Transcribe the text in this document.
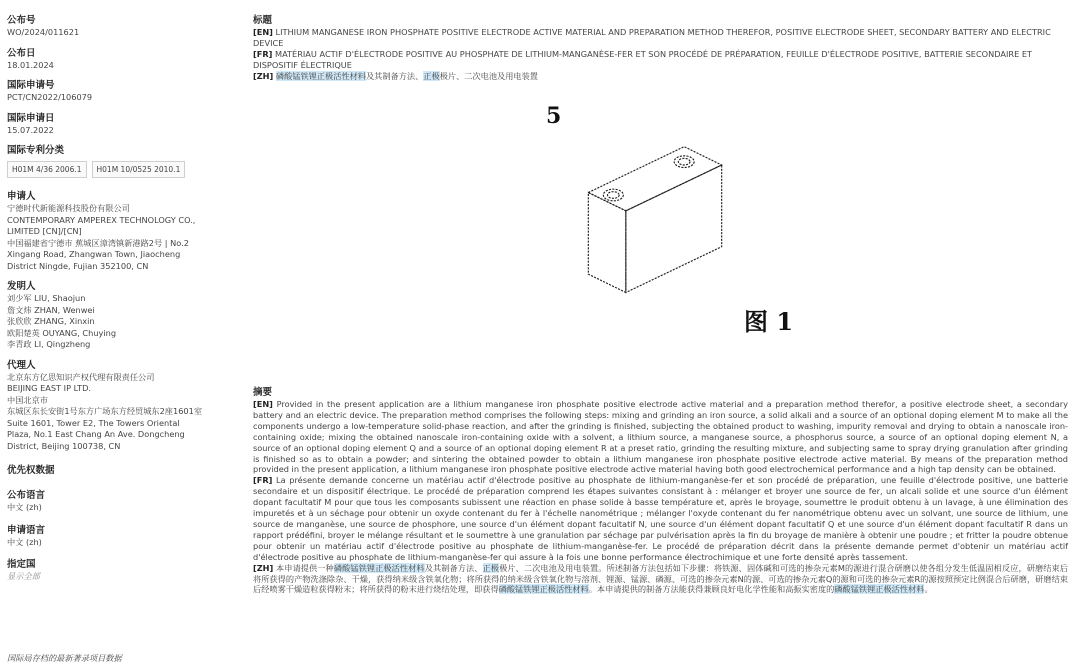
公布号

WO/2024/011621

公布日

18.01.2024

国际申请号

PCT/CN2022/106079

国际申请日

15.07.2022

国际专利分类

H01M 4/36 2006.1	H01M 10/0525 2010.1

申请人

宁德时代新能源科技股份有限公司

CONTEMPORARY AMPEREX TECHNOLOGY CO.,

LIMITED [CN]/[CN]

中国福建省宁德市 蕉城区漳湾镇新港路2号 | No.2

Xingang Road, Zhangwan Town, Jiaocheng

District Ningde, Fujian 352100, CN

发明人

刘少军 LIU, Shaojun

詹文炜 ZHAN, Wenwei

张欣欣 ZHANG, Xinxin

欧阳楚英 OUYANG, Chuying

李青政 LI, Qingzheng

代理人

北京东方亿思知识产权代理有限责任公司

BEIJING EAST IP LTD.

中国北京市

东城区东长安街1号东方广场东方经贸城东2座1601室

Suite 1601, Tower E2, The Towers Oriental

Plaza, No.1 East Chang An Ave. Dongcheng

District, Beijing 100738, CN

优先权数据

公布语言

中文 (zh)

申请语言

中文 (zh)

指定国

显示全部

国际局存档的最新著录项目数据
标题
[EN] LITHIUM MANGANESE IRON PHOSPHATE POSITIVE ELECTRODE ACTIVE MATERIAL AND PREPARATION METHOD THEREFOR, POSITIVE ELECTRODE SHEET, SECONDARY BATTERY AND ELECTRIC DEVICE
[FR] MATÉRIAU ACTIF D'ÉLECTRODE POSITIVE AU PHOSPHATE DE LITHIUM-MANGANÈSE-FER ET SON PROCÉDÉ DE PRÉPARATION, FEUILLE D'ÉLECTRODE POSITIVE, BATTERIE SECONDAIRE ET DISPOSITIF ÉLECTRIQUE
[ZH] 磷酸锰铁锂正极活性材料及其制备方法、正极极片、二次电池及用电装置
5
图 1
摘要

[EN] Provided in the present application are a lithium manganese iron phosphate positive electrode active material and a preparation method therefor, a positive electrode sheet, a secondary battery and an electric device. The preparation method comprises the following steps: mixing and grinding an iron source, a solid alkali and a source of an optional doping element M to make all the components undergo a low-temperature solid-phase reaction, and after the grinding is finished, subjecting the obtained product to washing, impurity removal and drying to obtain a nanoscale iron-containing oxide; mixing the obtained nanoscale iron-containing oxide with a solvent, a lithium source, a manganese source, a phosphorus source, a source of an optional doping element N, a source of an optional doping element Q and a source of an optional doping element R at a preset ratio, grinding the resulting mixture, and subjecting same to spray drying granulation after grinding is finished so as to obtain a powder; and sintering the obtained powder to obtain a lithium manganese iron phosphate positive electrode active material. By means of the preparation method provided in the present application, a lithium manganese iron phosphate positive electrode active material having both good electrochemical performance and a high tap density can be obtained.

[FR] La présente demande concerne un matériau actif d'électrode positive au phosphate de lithium-manganèse-fer et son procédé de préparation, une feuille d'électrode positive, une batterie secondaire et un dispositif électrique. Le procédé de préparation comprend les étapes suivantes consistant à : mélanger et broyer une source de fer, un alcali solide et une source d'un élément dopant facultatif M pour que tous les composants subissent une réaction en phase solide à basse température et, après le broyage, soumettre le produit obtenu à un lavage, à une élimination des impuretés et à un séchage pour obtenir un oxyde contenant du fer à l'échelle nanométrique ; mélanger l'oxyde contenant du fer nanométrique obtenu avec un solvant, une source de lithium, une source de manganèse, une source de phosphore, une source d'un élément dopant facultatif N, une source d'un élément dopant facultatif Q et une source d'un élément dopant facultatif R dans un rapport prédéfini, broyer le mélange résultant et le soumettre à une granulation par séchage par pulvérisation après la fin du broyage de manière à obtenir une poudre ; et fritter la poudre obtenue pour obtenir un matériau actif d'électrode positive au phosphate de lithium-manganèse-fer. Le procédé de préparation décrit dans la présente demande permet d'obtenir un matériau actif d'électrode positive au phosphate de lithium-manganèse-fer qui assure à la fois une bonne performance électrochimique et une forte densité après tassement.

[ZH] 本申请提供一种磷酸锰铁锂正极活性材料及其制备方法、正极极片、二次电池及用电装置。所述制备方法包括如下步骤：将铁源、固体碱和可选的掺杂元素M的源进行混合研磨以使各组分发生低温固相反应，研磨结束后将所获得的产物洗涤除杂、干燥，获得纳米级含铁氧化物；将所获得的纳米级含铁氧化物与溶剂、锂源、锰源、磷源、可选的掺杂元素N的源、可选的掺杂元素Q的源和可选的掺杂元素R的源按照预定比例混合后研磨，研磨结束后经喷雾干燥造粒获得粉末；将所获得的粉末进行烧结处理，即获得磷酸锰铁锂正极活性材料。本申请提供的制备方法能获得兼顾良好电化学性能和高振实密度的磷酸锰铁锂正极活性材料。
